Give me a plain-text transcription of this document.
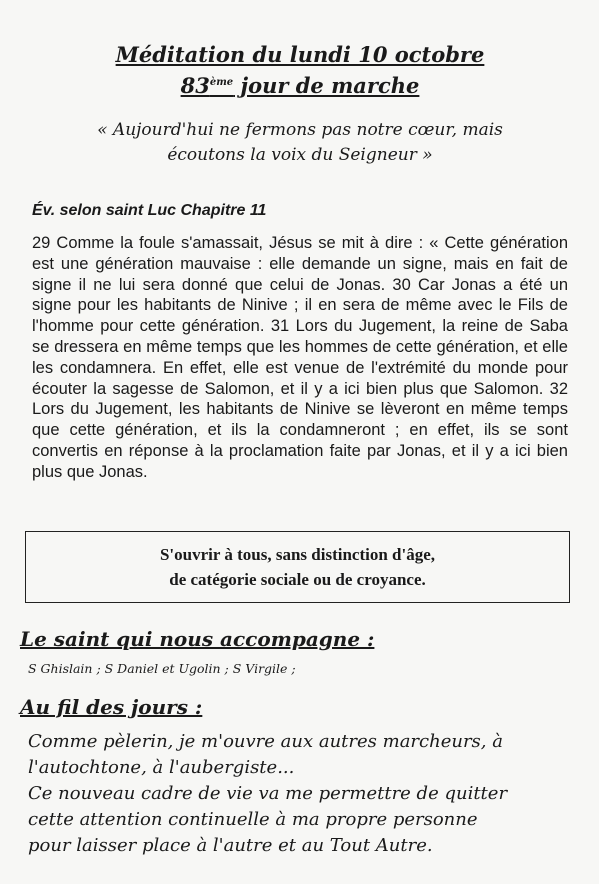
Méditation du lundi 10 octobre
83ème jour de marche
« Aujourd'hui ne fermons pas notre cœur, mais
écoutons la voix du Seigneur »
Év. selon saint Luc Chapitre 11
29 Comme la foule s'amassait, Jésus se mit à dire : « Cette génération est une génération mauvaise : elle demande un signe, mais en fait de signe il ne lui sera donné que celui de Jonas. 30 Car Jonas a été un signe pour les habitants de Ninive ; il en sera de même avec le Fils de l'homme pour cette génération. 31 Lors du Jugement, la reine de Saba se dressera en même temps que les hommes de cette génération, et elle les condamnera. En effet, elle est venue de l'extrémité du monde pour écouter la sagesse de Salomon, et il y a ici bien plus que Salomon. 32 Lors du Jugement, les habitants de Ninive se lèveront en même temps que cette génération, et ils la condamneront ; en effet, ils se sont convertis en réponse à la proclamation faite par Jonas, et il y a ici bien plus que Jonas.
S'ouvrir à tous, sans distinction d'âge,
de catégorie sociale ou de croyance.
Le saint qui nous accompagne :
S Ghislain ; S Daniel et Ugolin ; S Virgile ;
Au fil des jours :
Comme pèlerin, je m'ouvre aux autres marcheurs, à
l'autochtone, à l'aubergiste...
Ce nouveau cadre de vie va me permettre de quitter
cette attention continuelle à ma propre personne
pour laisser place à l'autre et au Tout Autre.
